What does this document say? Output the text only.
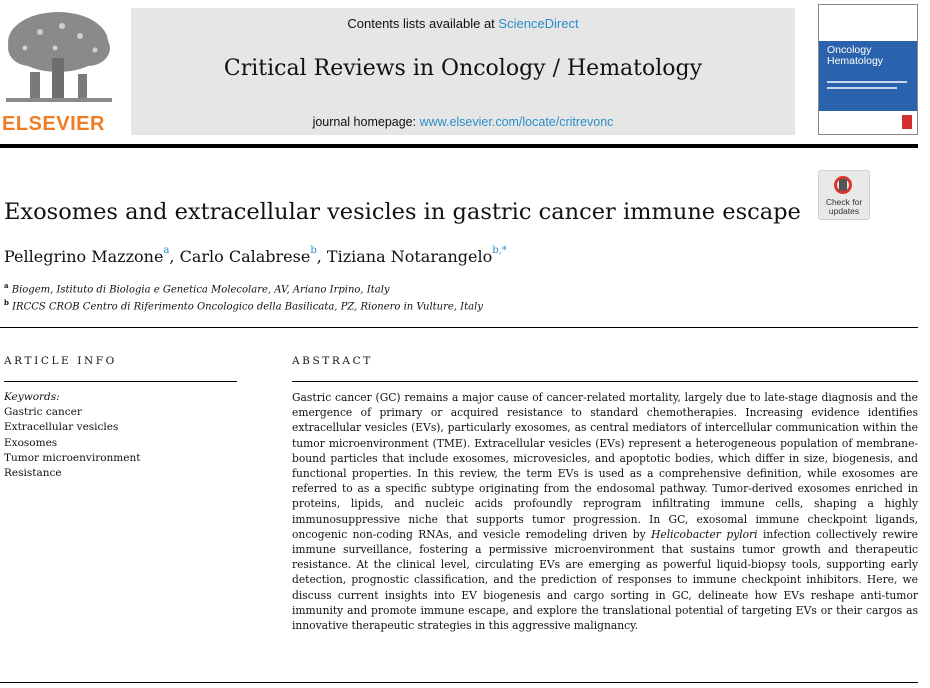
ELSEVIER
Contents lists available at ScienceDirect
Critical Reviews in Oncology / Hematology
journal homepage: www.elsevier.com/locate/critrevonc
Oncology
Hematology
Check for
updates
Exosomes and extracellular vesicles in gastric cancer immune escape
Pellegrino Mazzone$^a$, Carlo Calabrese$^b$, Tiziana Notarangelo$^{b,*}$
$^a$ Biogem, Istituto di Biologia e Genetica Molecolare, AV, Ariano Irpino, Italy
$^b$ IRCCS CROB Centro di Riferimento Oncologico della Basilicata, PZ, Rionero in Vulture, Italy
ARTICLE INFO	ABSTRACT
Keywords:
Gastric cancer
Extracellular vesicles
Exosomes
Tumor microenvironment
Resistance
Gastric cancer (GC) remains a major cause of cancer-related mortality, largely due to late-stage diagnosis and the emergence of primary or acquired resistance to standard chemotherapies. Increasing evidence identifies extracellular vesicles (EVs), particularly exosomes, as central mediators of intercellular communication within the tumor microenvironment (TME). Extracellular vesicles (EVs) represent a heterogeneous population of membrane-bound particles that include exosomes, microvesicles, and apoptotic bodies, which differ in size, biogenesis, and functional properties. In this review, the term EVs is used as a comprehensive definition, while exosomes are referred to as a specific subtype originating from the endosomal pathway. Tumor-derived exosomes enriched in proteins, lipids, and nucleic acids profoundly reprogram infiltrating immune cells, shaping a highly immunosuppressive niche that supports tumor progression. In GC, exosomal immune checkpoint ligands, oncogenic non-coding RNAs, and vesicle remodeling driven by Helicobacter pylori infection collectively rewire immune surveillance, fostering a permissive microenvironment that sustains tumor growth and therapeutic resistance. At the clinical level, circulating EVs are emerging as powerful liquid-biopsy tools, supporting early detection, prognostic classification, and the prediction of responses to immune checkpoint inhibitors. Here, we discuss current insights into EV biogenesis and cargo sorting in GC, delineate how EVs reshape anti-tumor immunity and promote immune escape, and explore the translational potential of targeting EVs or their cargos as innovative therapeutic strategies in this aggressive malignancy.
